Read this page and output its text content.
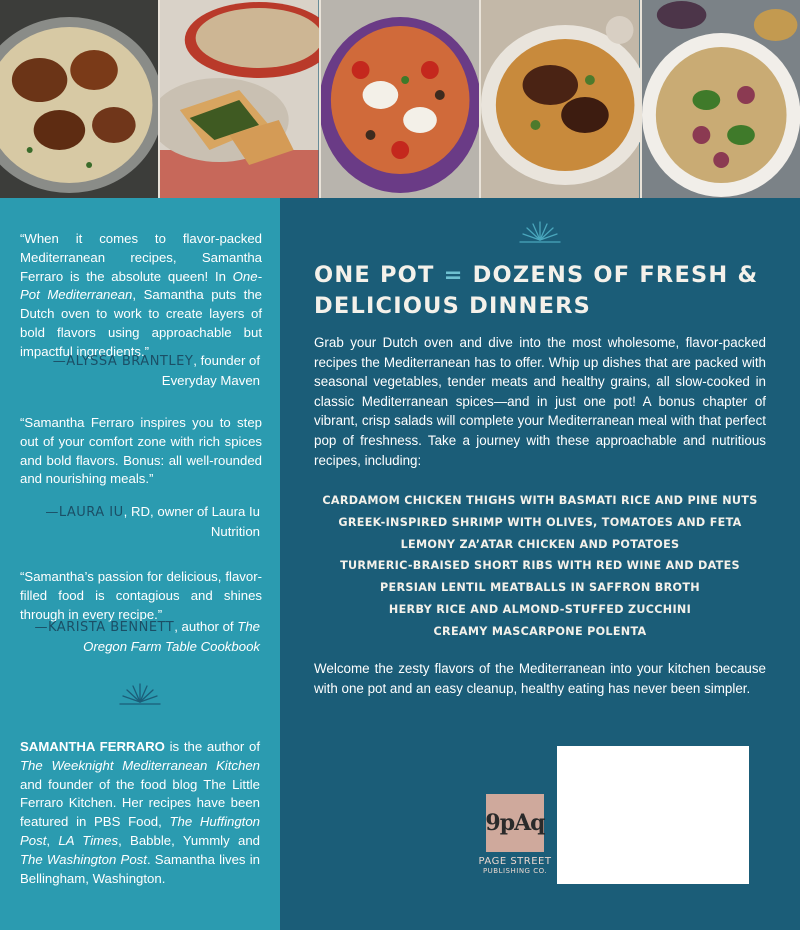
“When it comes to flavor-packed Mediterranean recipes, Samantha Ferraro is the absolute queen! In One-Pot Mediterranean, Samantha puts the Dutch oven to work to create layers of bold flavors using approachable but impactful ingredients.”
—ALYSSA BRANTLEY, founder of Everyday Maven
“Samantha Ferraro inspires you to step out of your comfort zone with rich spices and bold flavors. Bonus: all well-rounded and nourishing meals.”
—LAURA IU, RD, owner of Laura Iu Nutrition
“Samantha’s passion for delicious, flavor-filled food is contagious and shines through in every recipe.”
—KARISTA BENNETT, author of The Oregon Farm Table Cookbook
SAMANTHA FERRARO is the author of The Weeknight Mediterranean Kitchen and founder of the food blog The Little Ferraro Kitchen. Her recipes have been featured in PBS Food, The Huffington Post, LA Times, Babble, Yummly and The Washington Post. Samantha lives in Bellingham, Washington.
ONE POT = DOZENS OF FRESH & DELICIOUS DINNERS
Grab your Dutch oven and dive into the most wholesome, flavor-packed recipes the Mediterranean has to offer. Whip up dishes that are packed with seasonal vegetables, tender meats and healthy grains, all slow-cooked in classic Mediterranean spices—and in just one pot! A bonus chapter of vibrant, crisp salads will complete your Mediterranean meal with that perfect pop of freshness. Take a journey with these approachable and nutritious recipes, including:
CARDAMOM CHICKEN THIGHS WITH BASMATI RICE AND PINE NUTS
GREEK-INSPIRED SHRIMP WITH OLIVES, TOMATOES AND FETA
LEMONY ZA’ATAR CHICKEN AND POTATOES
TURMERIC-BRAISED SHORT RIBS WITH RED WINE AND DATES
PERSIAN LENTIL MEATBALLS IN SAFFRON BROTH
HERBY RICE AND ALMOND-STUFFED ZUCCHINI
CREAMY MASCARPONE POLENTA
Welcome the zesty flavors of the Mediterranean into your kitchen because with one pot and an easy cleanup, healthy eating has never been simpler.
9pAq
PAGE STREET
PUBLISHING CO.
